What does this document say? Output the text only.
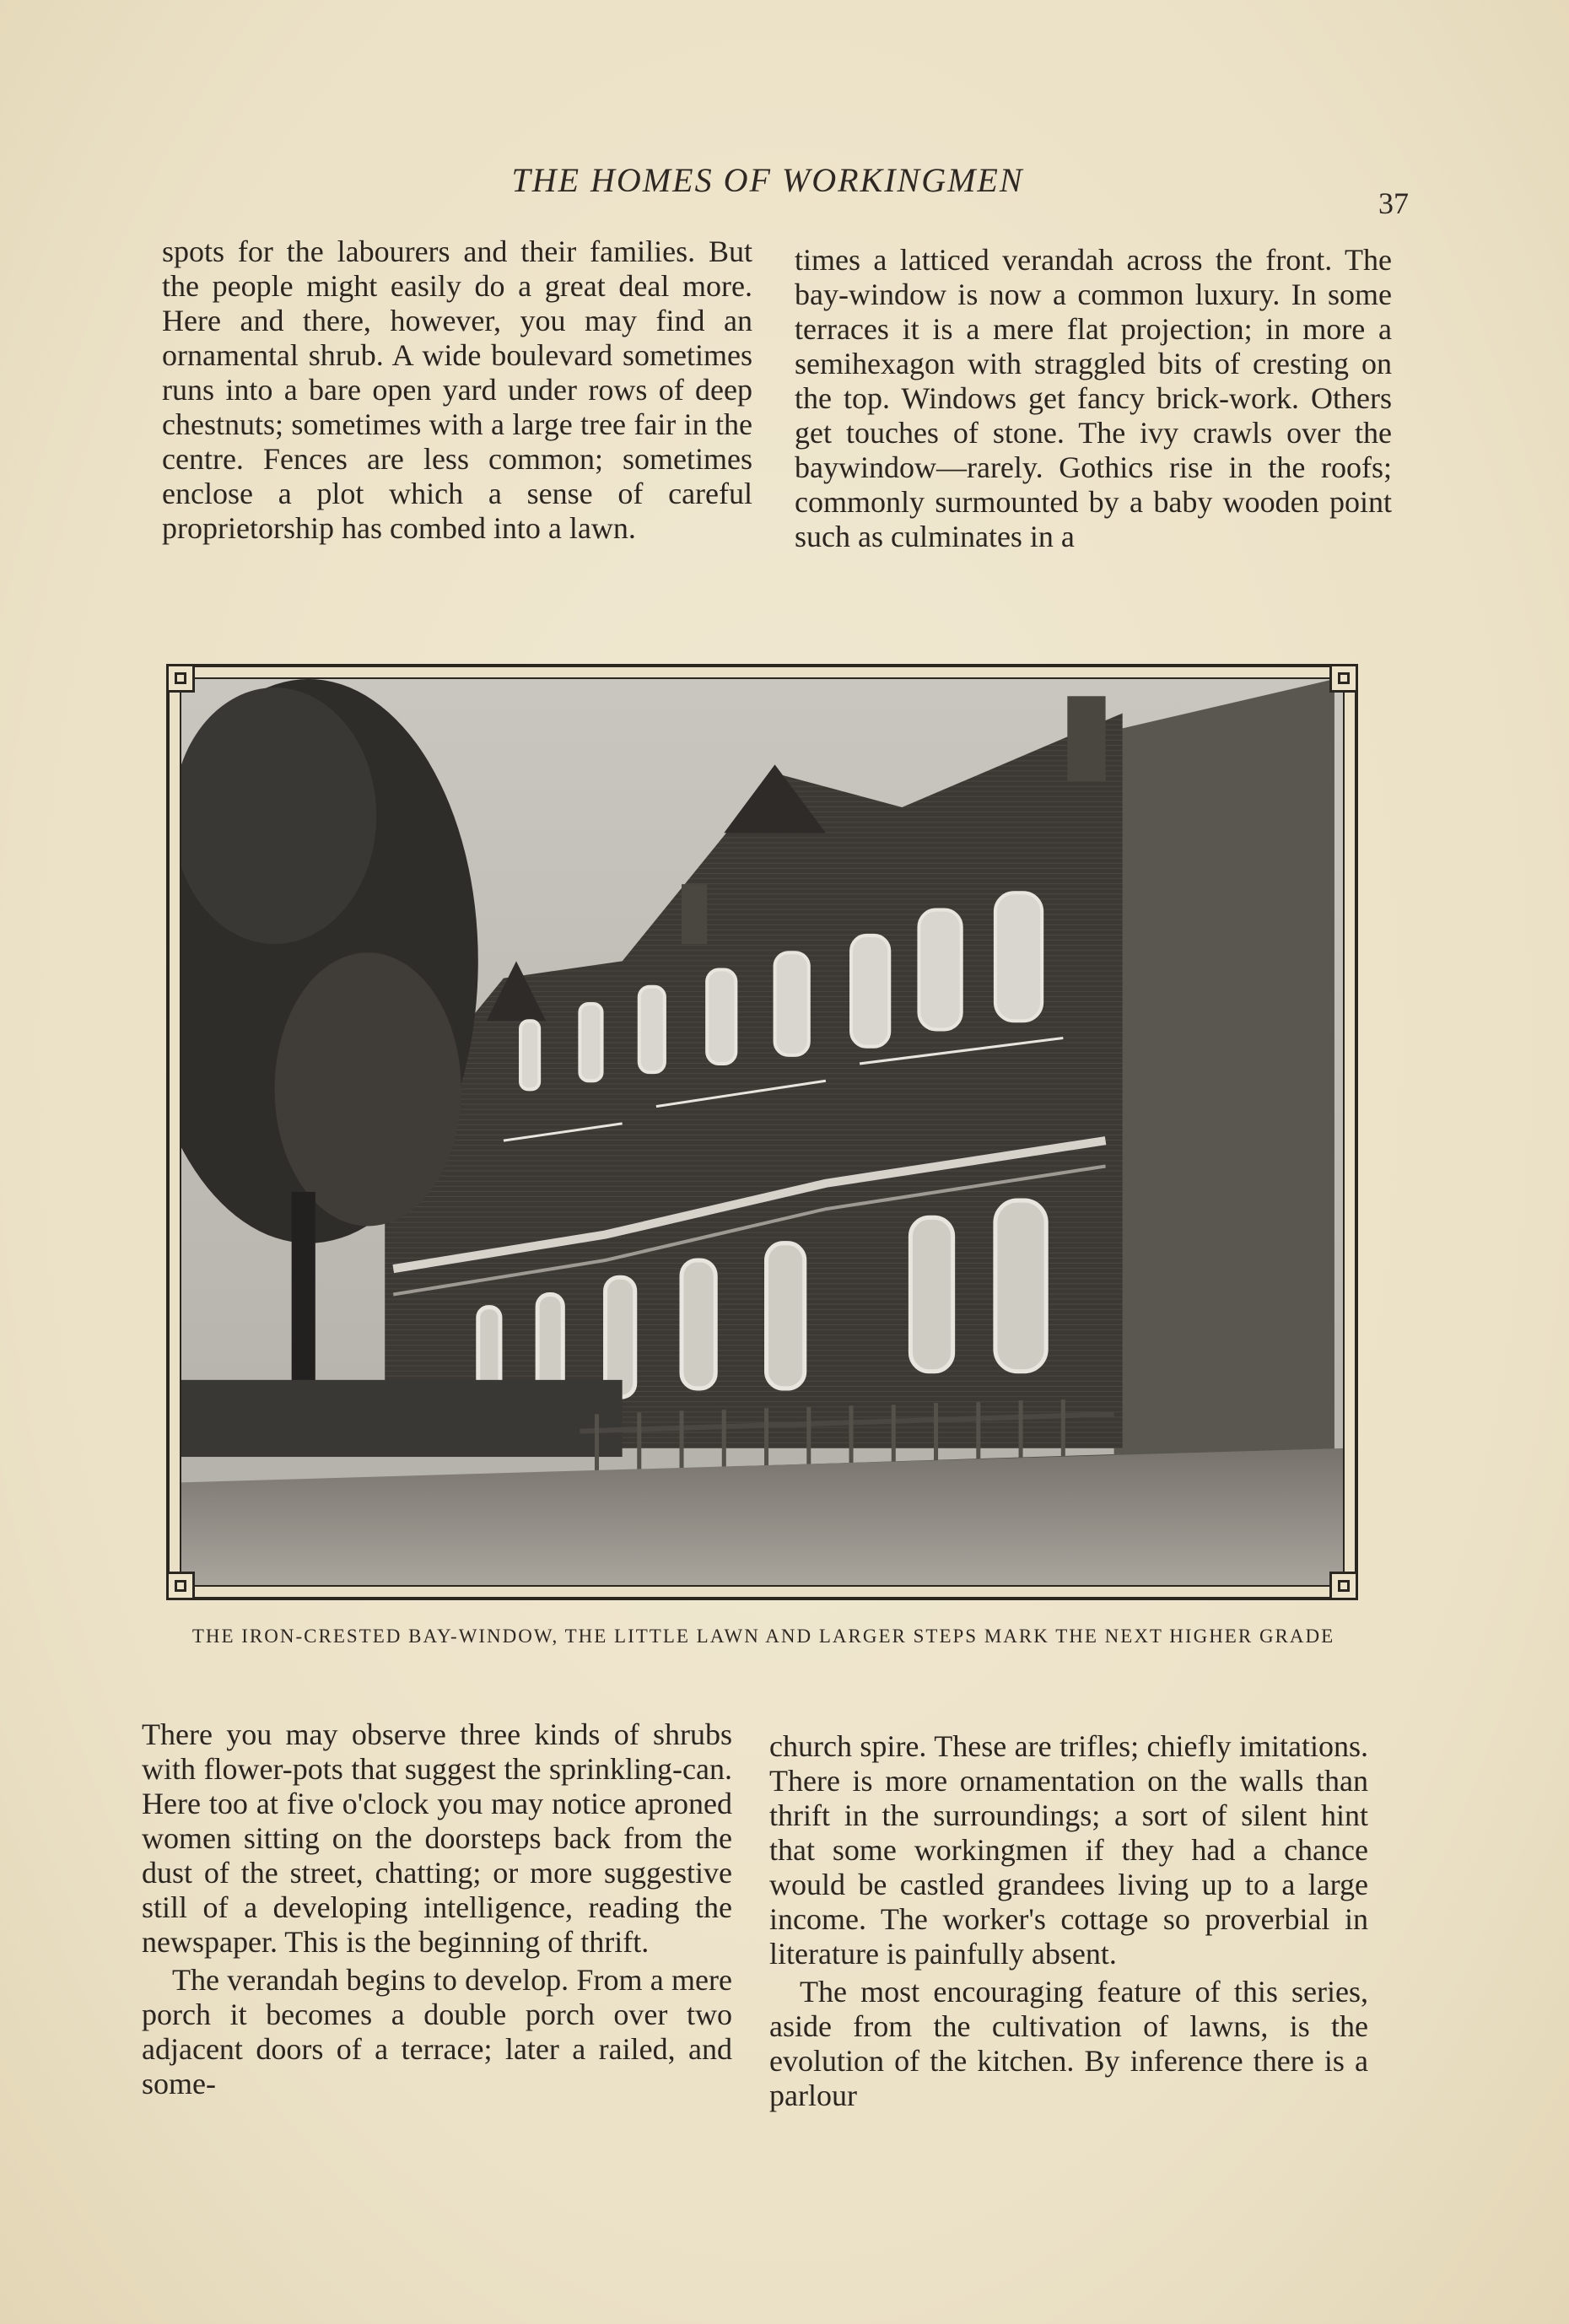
THE HOMES OF WORKINGMEN
37

spots for the labourers and their families. But the people might easily do a great deal more. Here and there, however, you may find an ornamental shrub. A wide boulevard sometimes runs into a bare open yard under rows of deep chestnuts; sometimes with a large tree fair in the centre. Fences are less common; sometimes enclose a plot which a sense of careful proprietorship has combed into a lawn.

times a latticed verandah across the front. The bay-window is now a common luxury. In some terraces it is a mere flat projection; in more a semihexagon with straggled bits of cresting on the top. Windows get fancy brick-work. Others get touches of stone. The ivy crawls over the baywindow—rarely. Gothics rise in the roofs; commonly surmounted by a baby wooden point such as culminates in a

THE IRON-CRESTED BAY-WINDOW, THE LITTLE LAWN AND LARGER STEPS MARK THE NEXT HIGHER GRADE

There you may observe three kinds of shrubs with flower-pots that suggest the sprinkling-can. Here too at five o'clock you may notice aproned women sitting on the doorsteps back from the dust of the street, chatting; or more suggestive still of a developing intelligence, reading the newspaper. This is the beginning of thrift.

The verandah begins to develop. From a mere porch it becomes a double porch over two adjacent doors of a terrace; later a railed, and some-

church spire. These are trifles; chiefly imitations. There is more ornamentation on the walls than thrift in the surroundings; a sort of silent hint that some workingmen if they had a chance would be castled grandees living up to a large income. The worker's cottage so proverbial in literature is painfully absent.

The most encouraging feature of this series, aside from the cultivation of lawns, is the evolution of the kitchen. By inference there is a parlour
